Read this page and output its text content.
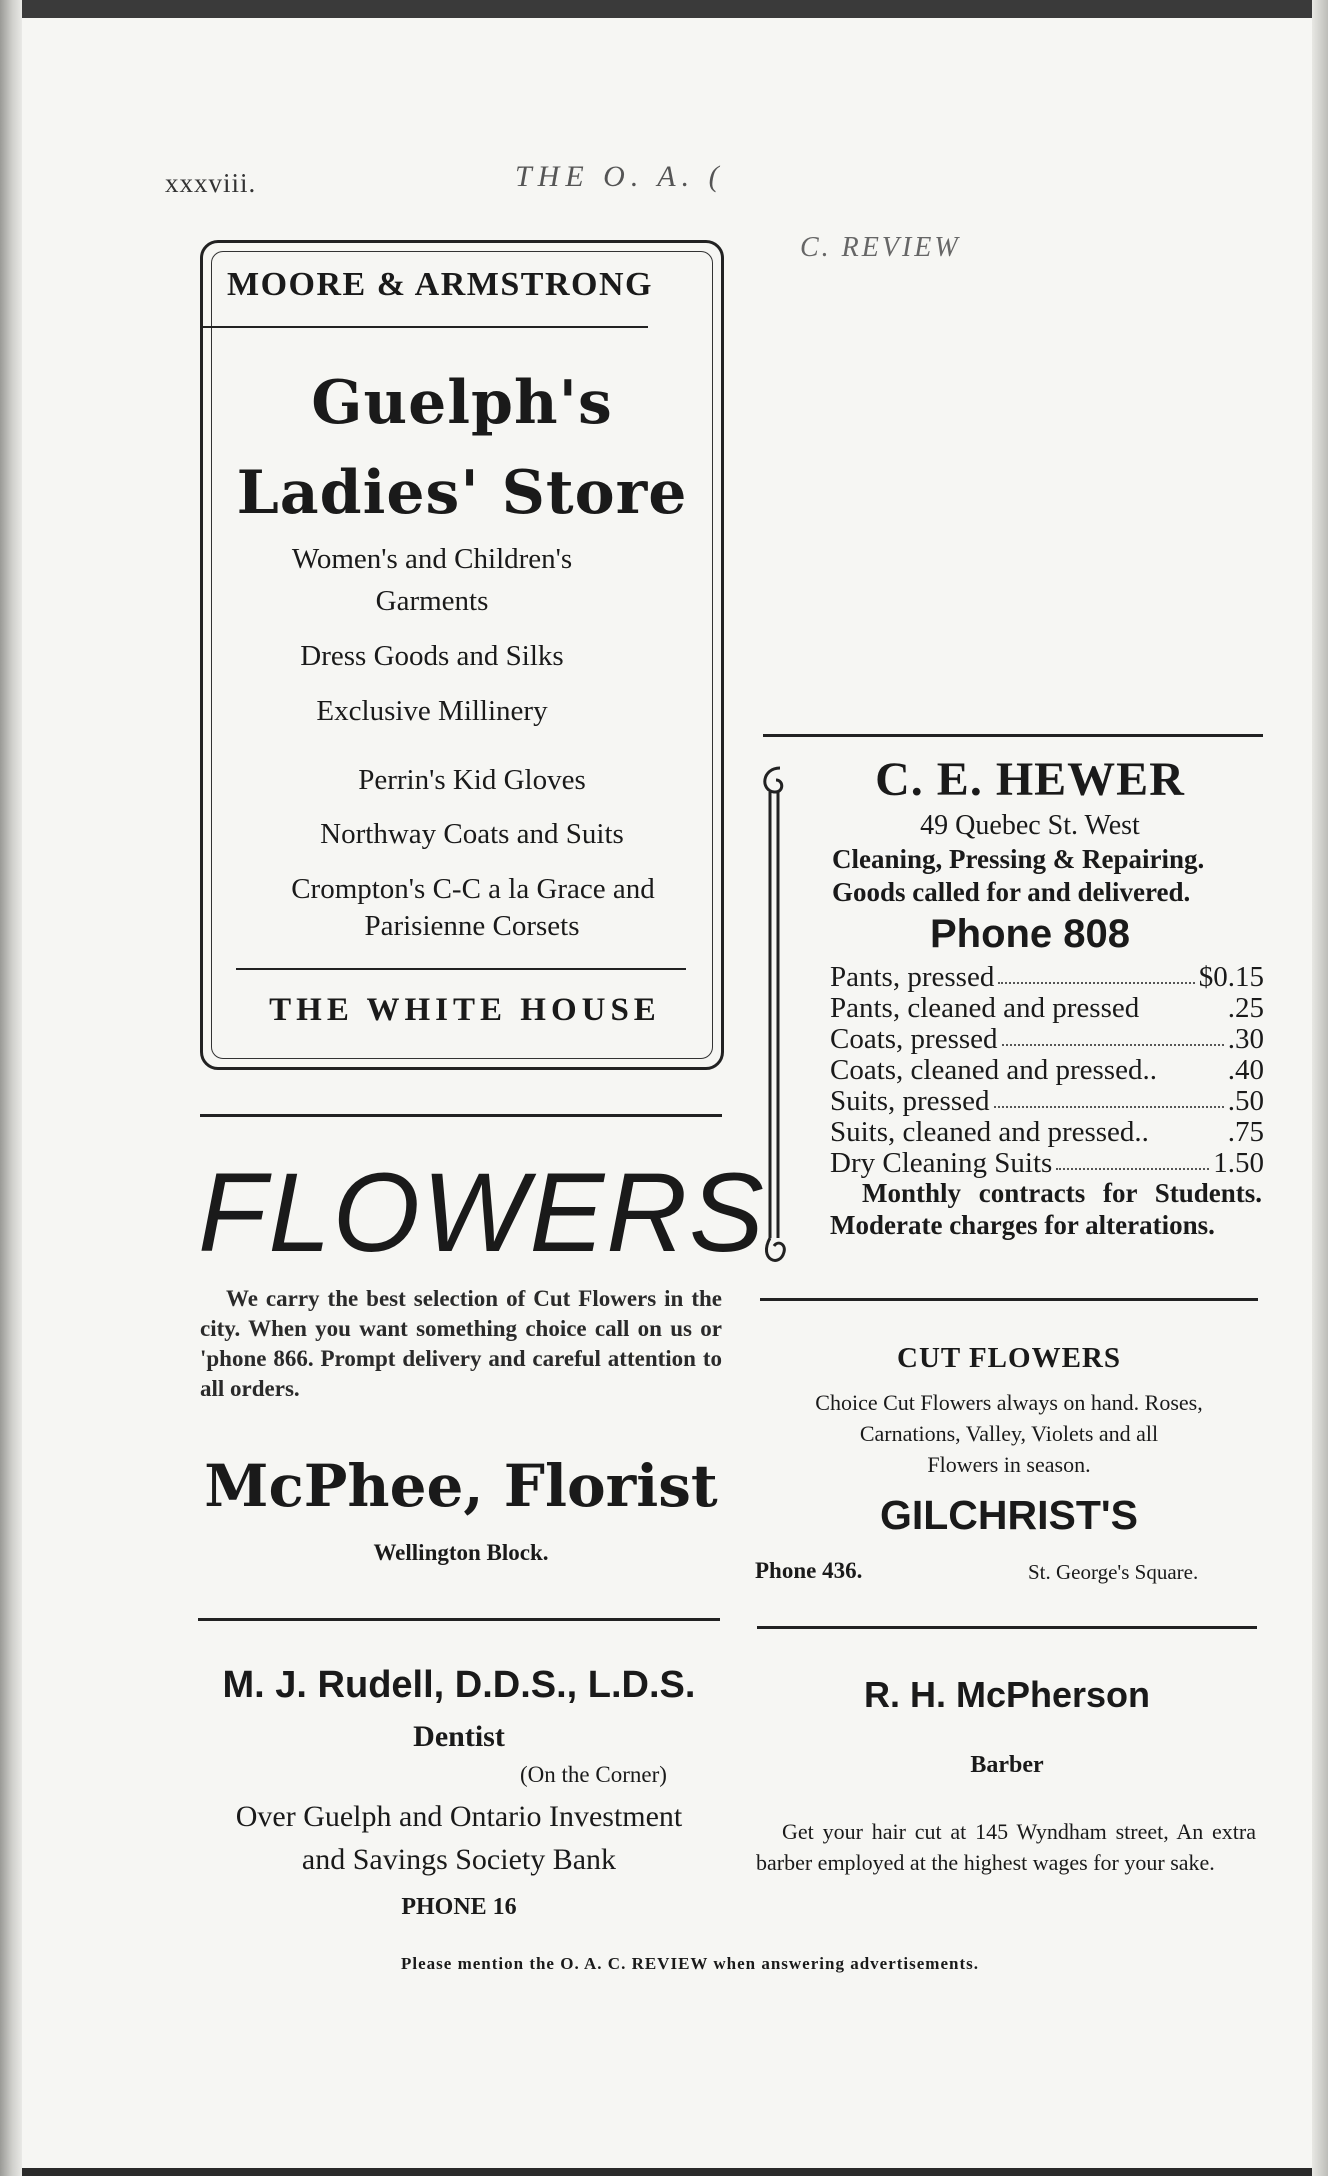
xxxviii.	THE O. A. (
C. REVIEW
MOORE & ARMSTRONG
Guelph's
Ladies' Store
Women's and Children's
Garments
Dress Goods and Silks
Exclusive Millinery
Perrin's Kid Gloves
Northway Coats and Suits
Crompton's C-C a la Grace and
Parisienne Corsets
THE WHITE HOUSE
C. E. HEWER
49 Quebec St. West
Cleaning, Pressing & Repairing.
Goods called for and delivered.
Phone 808
Pants, pressed	$0.15
Pants, cleaned and pressed	.25
Coats, pressed	.30
Coats, cleaned and pressed.. .40
Suits, pressed	.50
Suits, cleaned and pressed..	.75
Dry Cleaning Suits	1.50
Monthly contracts for Students. Moderate charges for alterations.
FLOWERS
We carry the best selection of Cut Flowers in the city. When you want something choice call on us or 'phone 866. Prompt delivery and careful attention to all orders.
McPhee, Florist
Wellington Block.
CUT FLOWERS
Choice Cut Flowers always on hand. Roses,
Carnations, Valley, Violets and all
Flowers in season.
GILCHRIST'S
Phone 436.	St. George's Square.
M. J. Rudell, D.D.S., L.D.S.
Dentist
(On the Corner)
Over Guelph and Ontario Investment
and Savings Society Bank
PHONE 16
R. H. McPherson
Barber
Get your hair cut at 145 Wyndham street, An extra barber employed at the highest wages for your sake.
Please mention the O. A. C. REVIEW when answering advertisements.
